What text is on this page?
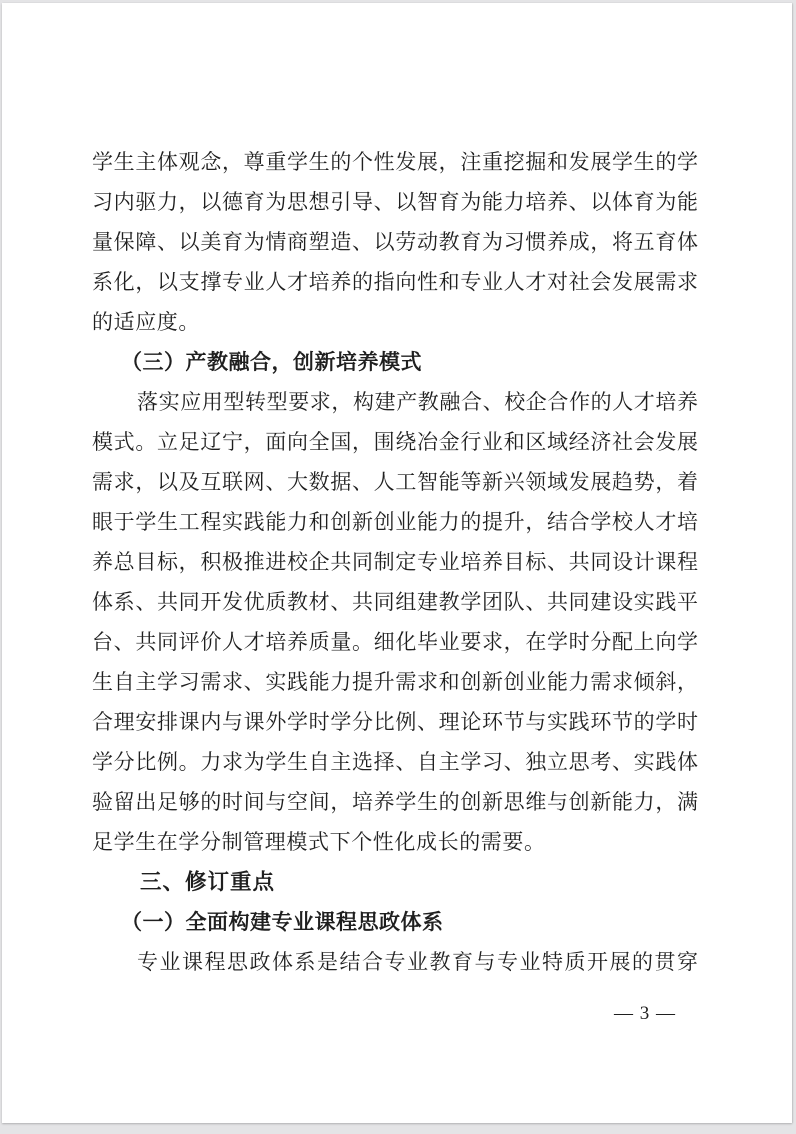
学生主体观念，尊重学生的个性发展，注重挖掘和发展学生的学
习内驱力，以德育为思想引导、以智育为能力培养、以体育为能
量保障、以美育为情商塑造、以劳动教育为习惯养成，将五育体
系化，以支撑专业人才培养的指向性和专业人才对社会发展需求
的适应度。
（三）产教融合，创新培养模式
落实应用型转型要求，构建产教融合、校企合作的人才培养
模式。立足辽宁，面向全国，围绕冶金行业和区域经济社会发展
需求，以及互联网、大数据、人工智能等新兴领域发展趋势，着
眼于学生工程实践能力和创新创业能力的提升，结合学校人才培
养总目标，积极推进校企共同制定专业培养目标、共同设计课程
体系、共同开发优质教材、共同组建教学团队、共同建设实践平
台、共同评价人才培养质量。细化毕业要求，在学时分配上向学
生自主学习需求、实践能力提升需求和创新创业能力需求倾斜，
合理安排课内与课外学时学分比例、理论环节与实践环节的学时
学分比例。力求为学生自主选择、自主学习、独立思考、实践体
验留出足够的时间与空间，培养学生的创新思维与创新能力，满
足学生在学分制管理模式下个性化成长的需要。
三、修订重点
（一）全面构建专业课程思政体系
专业课程思政体系是结合专业教育与专业特质开展的贯穿
— 3 —
